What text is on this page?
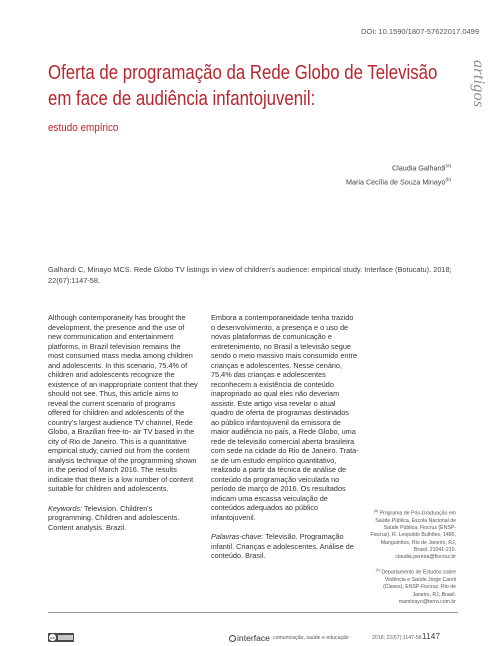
DOI: 10.1590/1807-57622017.0499
Oferta de programação da Rede Globo de Televisão
em face de audiência infantojuvenil:
estudo empírico
artigos
Claudia Galhardi$^{(a)}$
Maria Cecília de Souza Minayo$^{(b)}$
Galhardi C, Minayo MCS. Rede Globo TV listings in view of children's audience: empirical study. Interface (Botucatu). 2018; 22(67):1147-58.
Although contemporaneity has brought the development, the presence and the use of new communication and entertainment platforms, in Brazil television remains the most consumed mass media among children and adolescents. In this scenario, 75.4% of children and adolescents recognize the existence of an inappropriate content that they should not see. Thus, this article aims to reveal the current scenario of programs offered for children and adolescents of the country's largest audience TV channel, Rede Globo, a Brazilian free-to- air TV based in the city of Rio de Janeiro. This is a quantitative empirical study, carried out from the content analysis technique of the programming shown in the period of March 2016. The results indicate that there is a low number of content suitable for children and adolescents.
Keywords: Television. Children's programming. Children and adolescents. Content analysis. Brazil.
Embora a contemporaneidade tenha trazido o desenvolvimento, a presença e o uso de novas plataformas de comunicação e entretenimento, no Brasil a televisão segue sendo o meio massivo mais consumido entre crianças e adolescentes. Nesse cenário, 75,4% das crianças e adolescentes reconhecem a existência de conteúdo inapropriado ao qual eles não deveriam assistir. Este artigo visa revelar o atual quadro de oferta de programas destinados ao público infantojuvenil da emissora de maior audiência no país, a Rede Globo, uma rede de televisão comercial aberta brasileira com sede na cidade do Rio de Janeiro. Trata-se de um estudo empírico quantitativo, realizado a partir da técnica de análise de conteúdo da programação veiculada no período de março de 2016. Os resultados indicam uma escassa veiculação de conteúdos adequados ao público infantojuvenil.
Palavras-chave: Televisão. Programação infantil. Crianças e adolescentes. Análise de conteúdo. Brasil.

$^{(a)}$ Programa de Pós-Graduação em Saúde Pública, Escola Nacional de Saúde Pública, Fiocruz (ENSP-Fiocruz). R. Leopoldo Bulhões, 1480, Manguinhos, Rio de Janeiro, RJ, Brasil. 21041-210. claudia.pereira@fiocruz.br

$^{(b)}$ Departamento de Estudos sobre Violência e Saúde Jorge Careli (Claves), ENSP-Fiocruz. Rio de Janeiro, RJ, Brasil. maminayo@terra.com.br

cc	interface comunicação, saúde e educação	2018; 22(67):1147-58 1147
